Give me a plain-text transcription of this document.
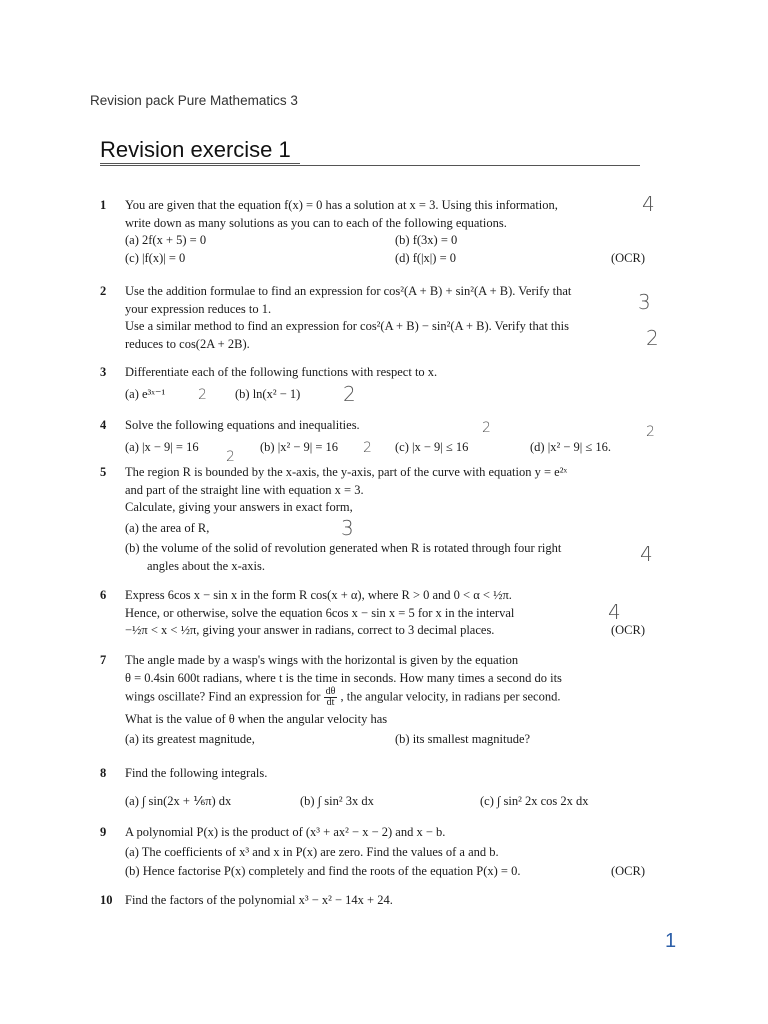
Revision pack Pure Mathematics 3
Revision exercise 1
1 You are given that the equation f(x) = 0 has a solution at x = 3. Using this information,
write down as many solutions as you can to each of the following equations.
(a) 2f(x + 5) = 0	(b) f(3x) = 0
(c) |f(x)| = 0	(d) f(|x|) = 0	(OCR)
4
2 Use the addition formulae to find an expression for cos²(A + B) + sin²(A + B). Verify that
your expression reduces to 1.
Use a similar method to find an expression for cos²(A + B) − sin²(A + B). Verify that this
reduces to cos(2A + 2B).
3
2
3 Differentiate each of the following functions with respect to x.
(a) e³ˣ⁻¹	(b) ln(x² − 1)
2	2
4 Solve the following equations and inequalities.
(a) |x − 9| = 16	(b) |x² − 9| = 16	(c) |x − 9| ≤ 16	(d) |x² − 9| ≤ 16.
2
2
2	2
5 The region R is bounded by the x-axis, the y-axis, part of the curve with equation y = e²ˣ
and part of the straight line with equation x = 3.
Calculate, giving your answers in exact form,
(a) the area of R,
(b) the volume of the solid of revolution generated when R is rotated through four right
angles about the x-axis.
3
4
6 Express 6cos x − sin x in the form R cos(x + α), where R > 0 and 0 < α < ½π.
Hence, or otherwise, solve the equation 6cos x − sin x = 5 for x in the interval
−½π < x < ½π, giving your answer in radians, correct to 3 decimal places.	(OCR)
4
7 The angle made by a wasp's wings with the horizontal is given by the equation
θ = 0.4sin 600t radians, where t is the time in seconds. How many times a second do its
wings oscillate? Find an expression for $\frac{d\theta}{dt}$ , the angular velocity, in radians per second.
What is the value of θ when the angular velocity has
(a) its greatest magnitude,	(b) its smallest magnitude?
8 Find the following integrals.
(a) ∫ sin(2x + ⅙π) dx	(b) ∫ sin² 3x dx	(c) ∫ sin² 2x cos 2x dx
9 A polynomial P(x) is the product of (x³ + ax² − x − 2) and x − b.
(a) The coefficients of x³ and x in P(x) are zero. Find the values of a and b.
(b) Hence factorise P(x) completely and find the roots of the equation P(x) = 0.	(OCR)
10 Find the factors of the polynomial x³ − x² − 14x + 24.
1
